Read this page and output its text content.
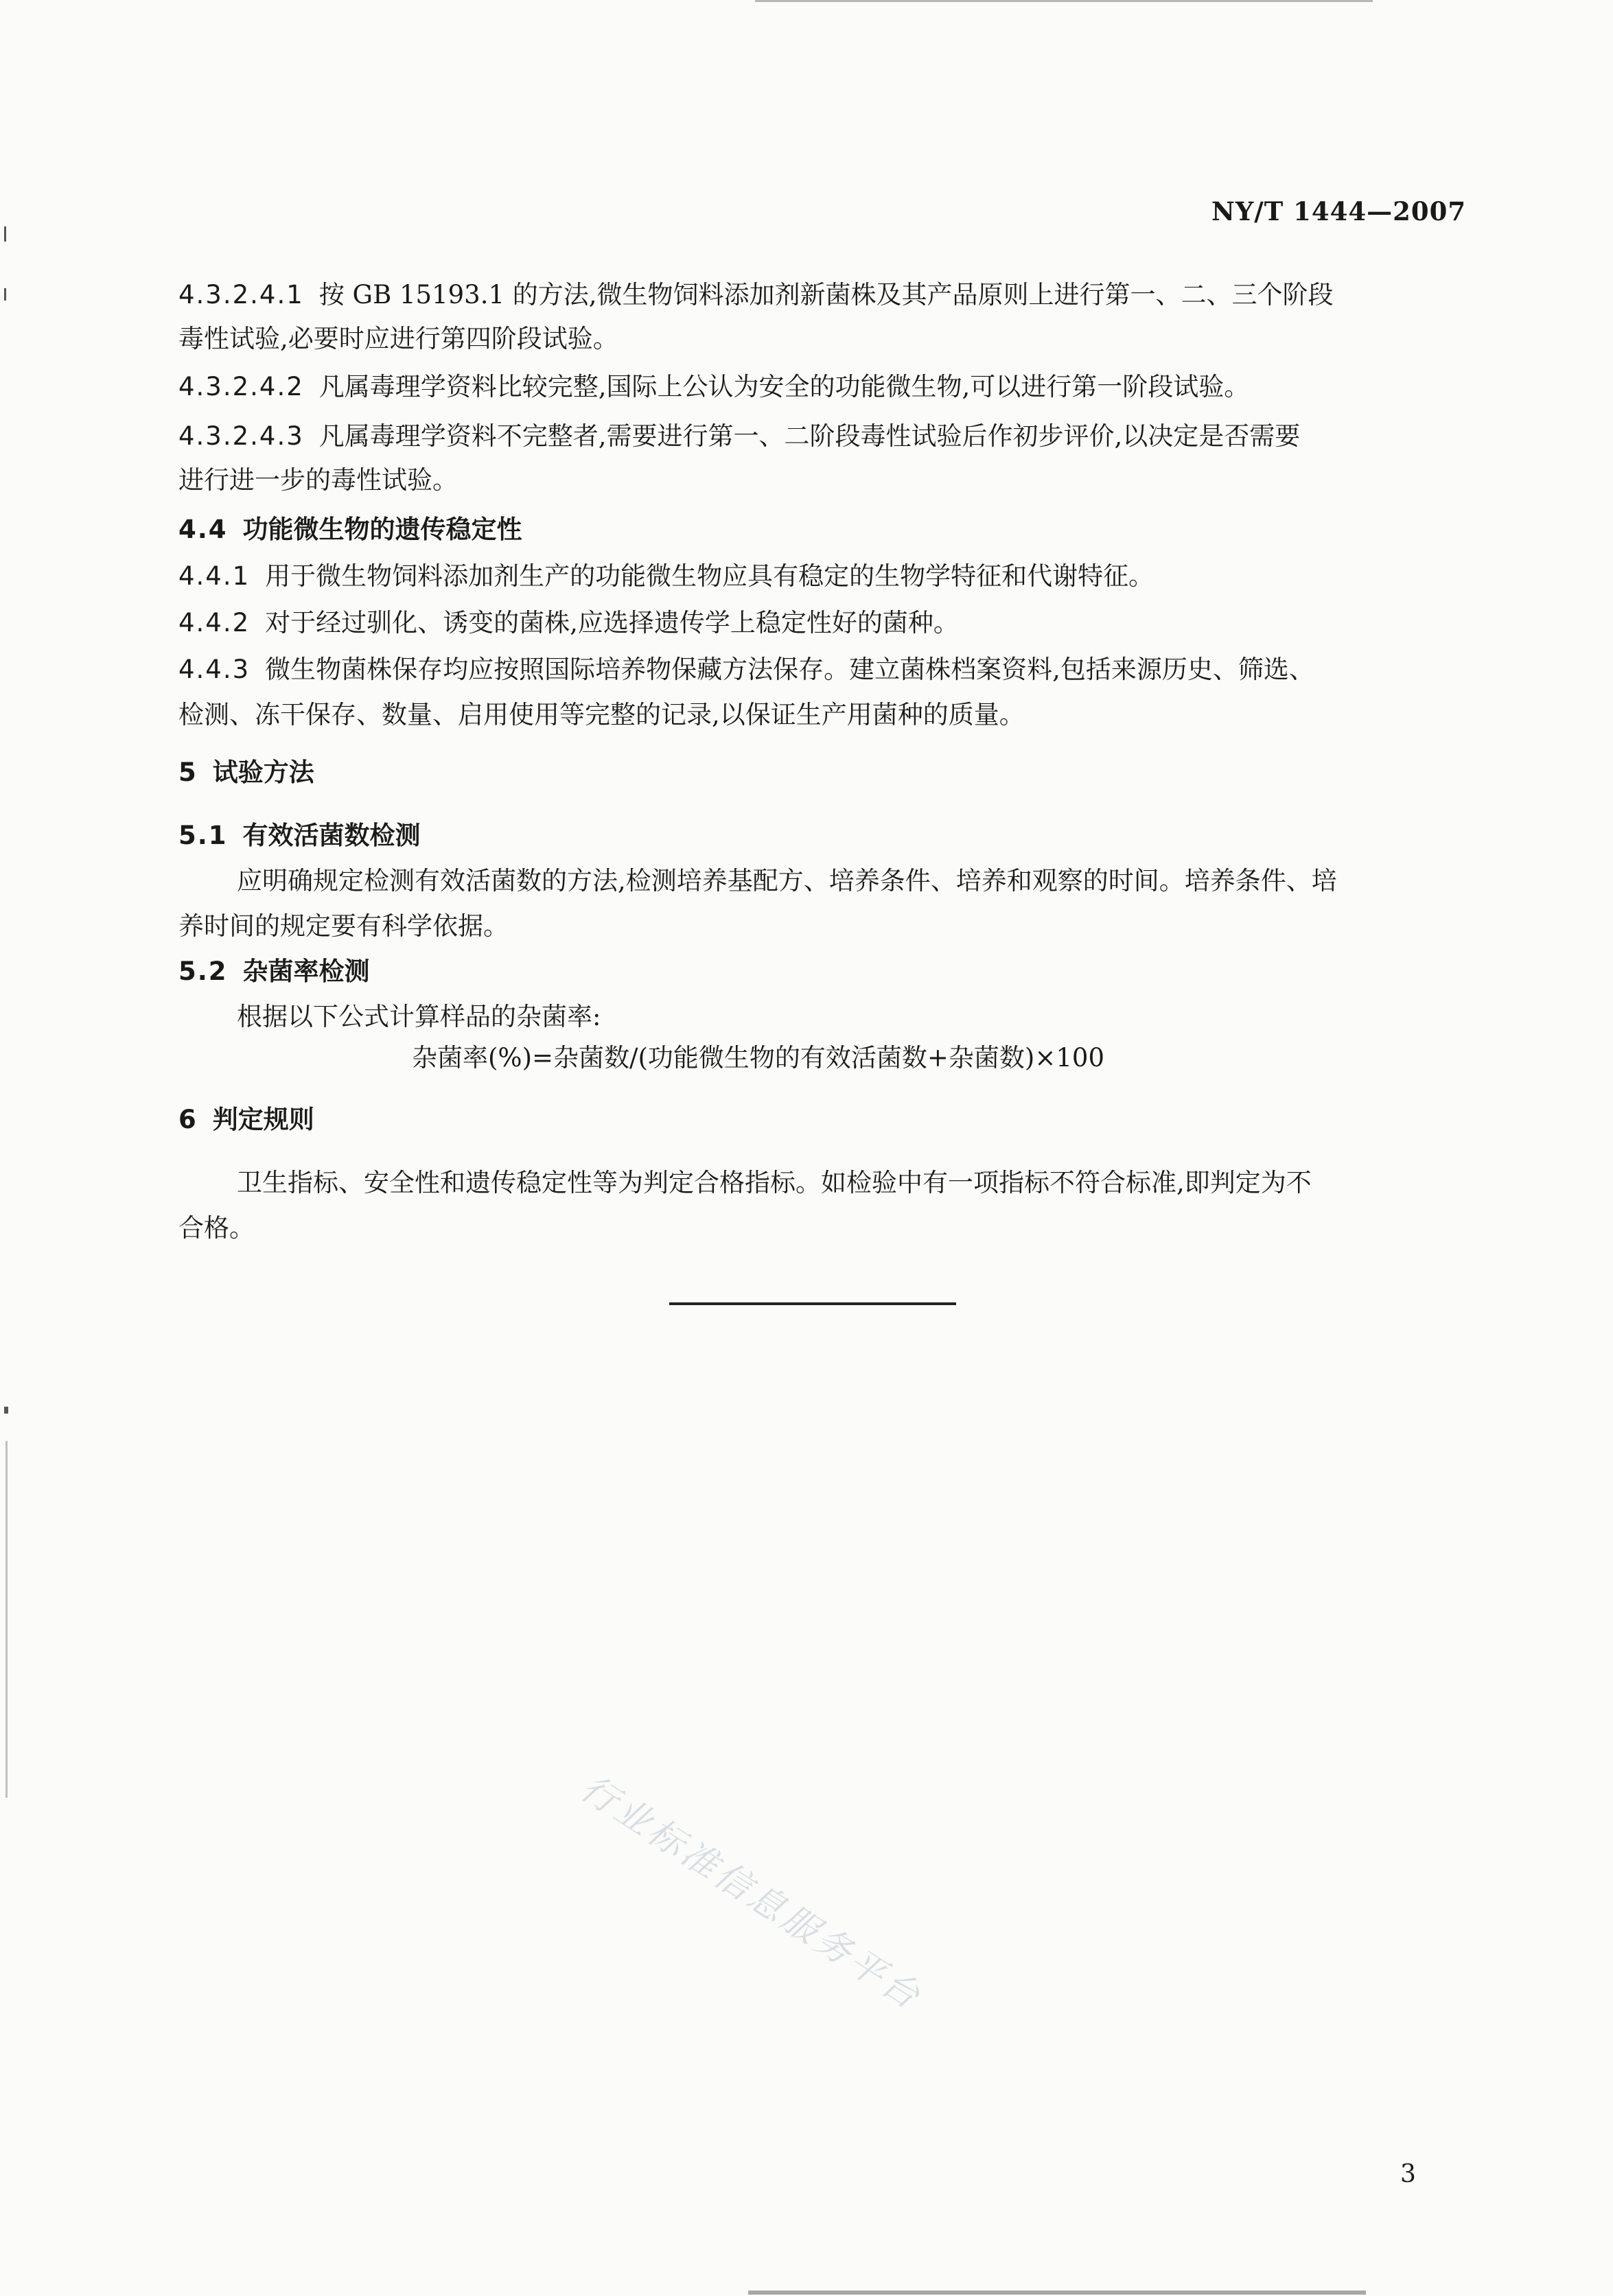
NY/T 1444—2007
4.3.2.4.1 按 GB 15193.1 的方法,微生物饲料添加剂新菌株及其产品原则上进行第一、二、三个阶段
毒性试验,必要时应进行第四阶段试验。
4.3.2.4.2 凡属毒理学资料比较完整,国际上公认为安全的功能微生物,可以进行第一阶段试验。
4.3.2.4.3 凡属毒理学资料不完整者,需要进行第一、二阶段毒性试验后作初步评价,以决定是否需要
进行进一步的毒性试验。
4.4 功能微生物的遗传稳定性
4.4.1 用于微生物饲料添加剂生产的功能微生物应具有稳定的生物学特征和代谢特征。
4.4.2 对于经过驯化、诱变的菌株,应选择遗传学上稳定性好的菌种。
4.4.3 微生物菌株保存均应按照国际培养物保藏方法保存。建立菌株档案资料,包括来源历史、筛选、
检测、冻干保存、数量、启用使用等完整的记录,以保证生产用菌种的质量。
5 试验方法
5.1 有效活菌数检测
应明确规定检测有效活菌数的方法,检测培养基配方、培养条件、培养和观察的时间。培养条件、培
养时间的规定要有科学依据。
5.2 杂菌率检测
根据以下公式计算样品的杂菌率:
杂菌率(%)=杂菌数/(功能微生物的有效活菌数+杂菌数)×100
6 判定规则
卫生指标、安全性和遗传稳定性等为判定合格指标。如检验中有一项指标不符合标准,即判定为不
合格。
行业标准信息服务平台
3
